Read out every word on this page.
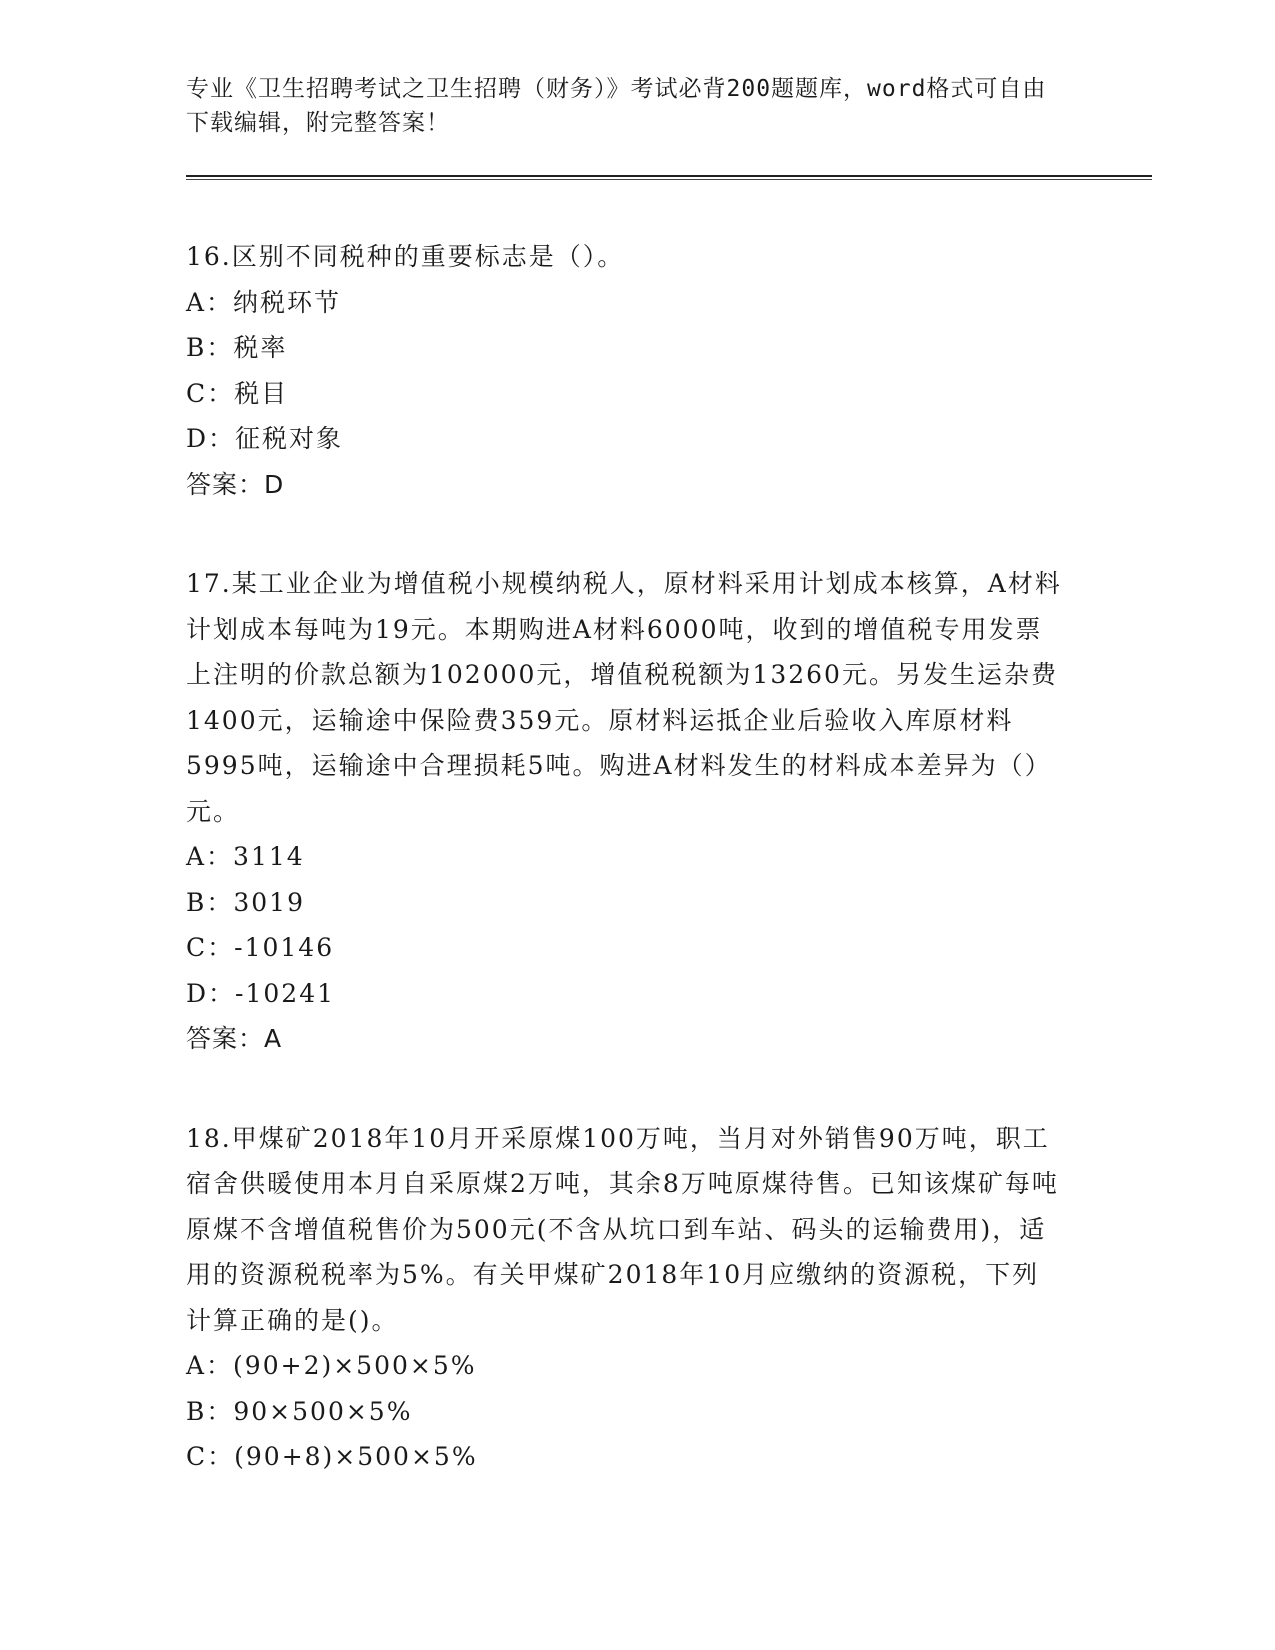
专业《卫生招聘考试之卫生招聘（财务）》考试必背200题题库，word格式可自由下载编辑，附完整答案！
16.区别不同税种的重要标志是（）。
A：纳税环节
B：税率
C：税目
D：征税对象
答案：D
17.某工业企业为增值税小规模纳税人，原材料采用计划成本核算，A材料计划成本每吨为19元。本期购进A材料6000吨，收到的增值税专用发票上注明的价款总额为102000元，增值税税额为13260元。另发生运杂费1400元，运输途中保险费359元。原材料运抵企业后验收入库原材料5995吨，运输途中合理损耗5吨。购进A材料发生的材料成本差异为（）元。
A：3114
B：3019
C：-10146
D：-10241
答案：A
18.甲煤矿2018年10月开采原煤100万吨，当月对外销售90万吨，职工宿舍供暖使用本月自采原煤2万吨，其余8万吨原煤待售。已知该煤矿每吨原煤不含增值税售价为500元(不含从坑口到车站、码头的运输费用)，适用的资源税税率为5%。有关甲煤矿2018年10月应缴纳的资源税，下列计算正确的是()。
A：(90+2)×500×5%
B：90×500×5%
C：(90+8)×500×5%
